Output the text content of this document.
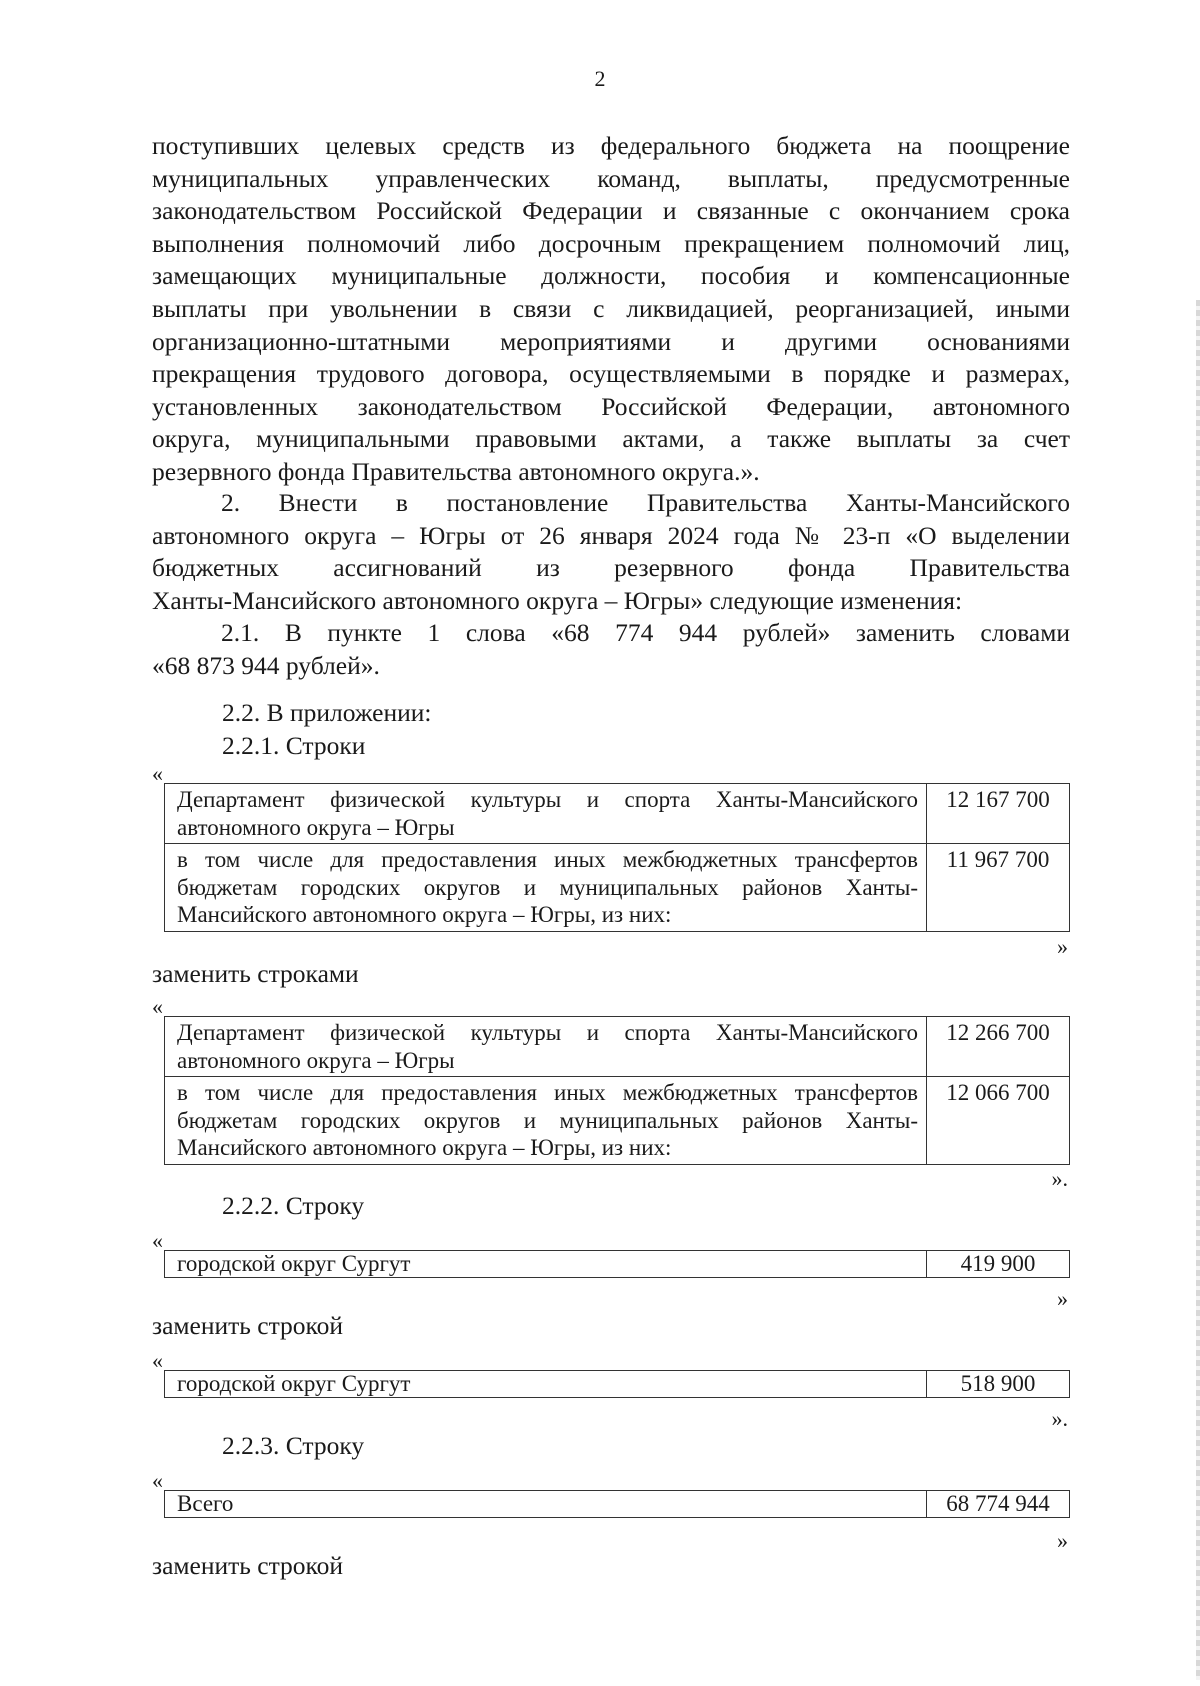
2
поступивших целевых средств из федерального бюджета на поощрение
муниципальных управленческих команд, выплаты, предусмотренные
законодательством Российской Федерации и связанные с окончанием срока
выполнения полномочий либо досрочным прекращением полномочий лиц,
замещающих муниципальные должности, пособия и компенсационные
выплаты при увольнении в связи с ликвидацией, реорганизацией, иными
организационно-штатными мероприятиями и другими основаниями
прекращения трудового договора, осуществляемыми в порядке и размерах,
установленных законодательством Российской Федерации, автономного
округа, муниципальными правовыми актами, а также выплаты за счет
резервного фонда Правительства автономного округа.».
2. Внести в постановление Правительства Ханты-Мансийского
автономного округа – Югры от 26 января 2024 года № 23-п «О выделении
бюджетных ассигнований из резервного фонда Правительства
Ханты-Мансийского автономного округа – Югры» следующие изменения:
2.1. В пункте 1 слова «68 774 944 рублей» заменить словами
«68 873 944 рублей».
2.2. В приложении:
2.2.1. Строки
«
Департамент физической культуры и спорта Ханты-Мансийского автономного округа – Югры	12 167 700
в том числе для предоставления иных межбюджетных трансфертов бюджетам городских округов и муниципальных районов Ханты-Мансийского автономного округа – Югры, из них:	11 967 700
»
заменить строками
«
Департамент физической культуры и спорта Ханты-Мансийского автономного округа – Югры	12 266 700
в том числе для предоставления иных межбюджетных трансфертов бюджетам городских округов и муниципальных районов Ханты-Мансийского автономного округа – Югры, из них:	12 066 700
».
2.2.2. Строку
«
городской округ Сургут	419 900
»
заменить строкой
«
городской округ Сургут	518 900
».
2.2.3. Строку
«
Всего	68 774 944
»
заменить строкой
